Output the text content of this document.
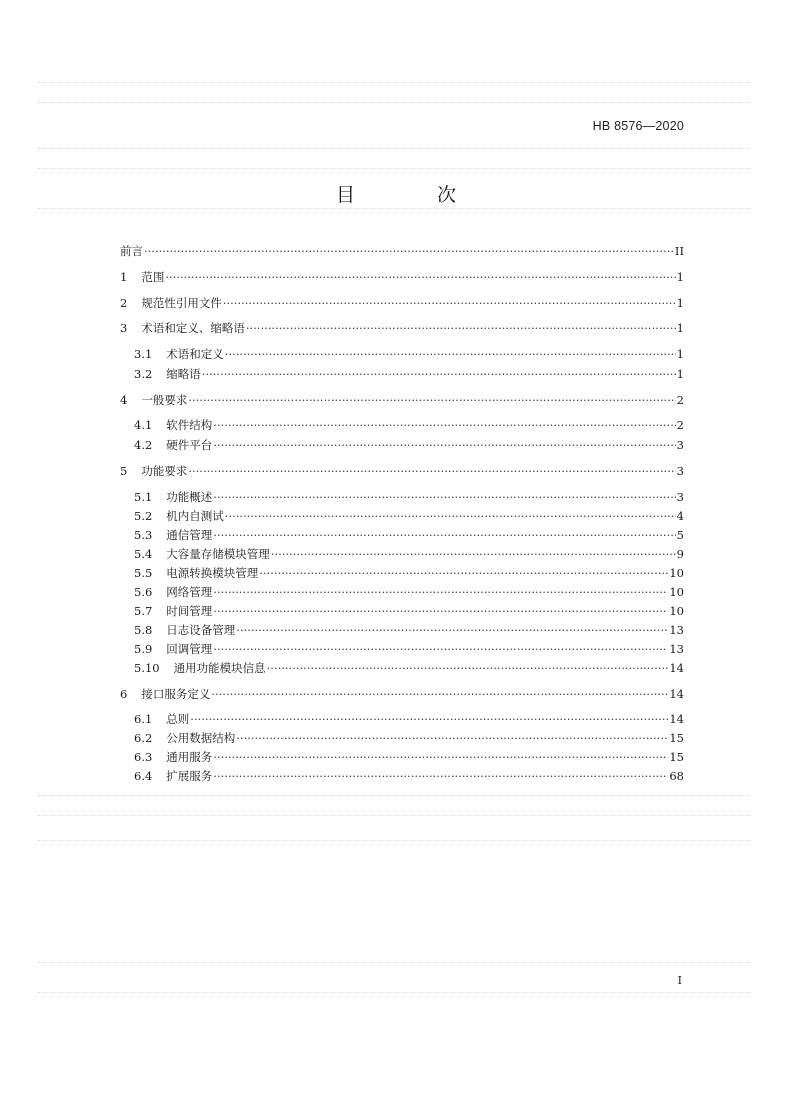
HB 8576—2020
目 次
前言 ·····	II
1 范围 ·····	1
2 规范性引用文件 ·····	1
3 术语和定义、缩略语 ·····	1
3.1 术语和定义 ·····	1
3.2 缩略语 ·····	1
4 一般要求 ·····	2
4.1 软件结构 ·····	2
4.2 硬件平台 ·····	3
5 功能要求 ·····	3
5.1 功能概述 ·····	3
5.2 机内自测试 ·····	4
5.3 通信管理 ·····	5
5.4 大容量存储模块管理 ·····	9
5.5 电源转换模块管理 ·····	10
5.6 网络管理 ·····	10
5.7 时间管理 ·····	10
5.8 日志设备管理 ·····	13
5.9 回调管理 ·····	13
5.10 通用功能模块信息 ·····	14
6 接口服务定义 ·····	14
6.1 总则 ·····	14
6.2 公用数据结构 ·····	15
6.3 通用服务 ·····	15
6.4 扩展服务 ·····	68
I
